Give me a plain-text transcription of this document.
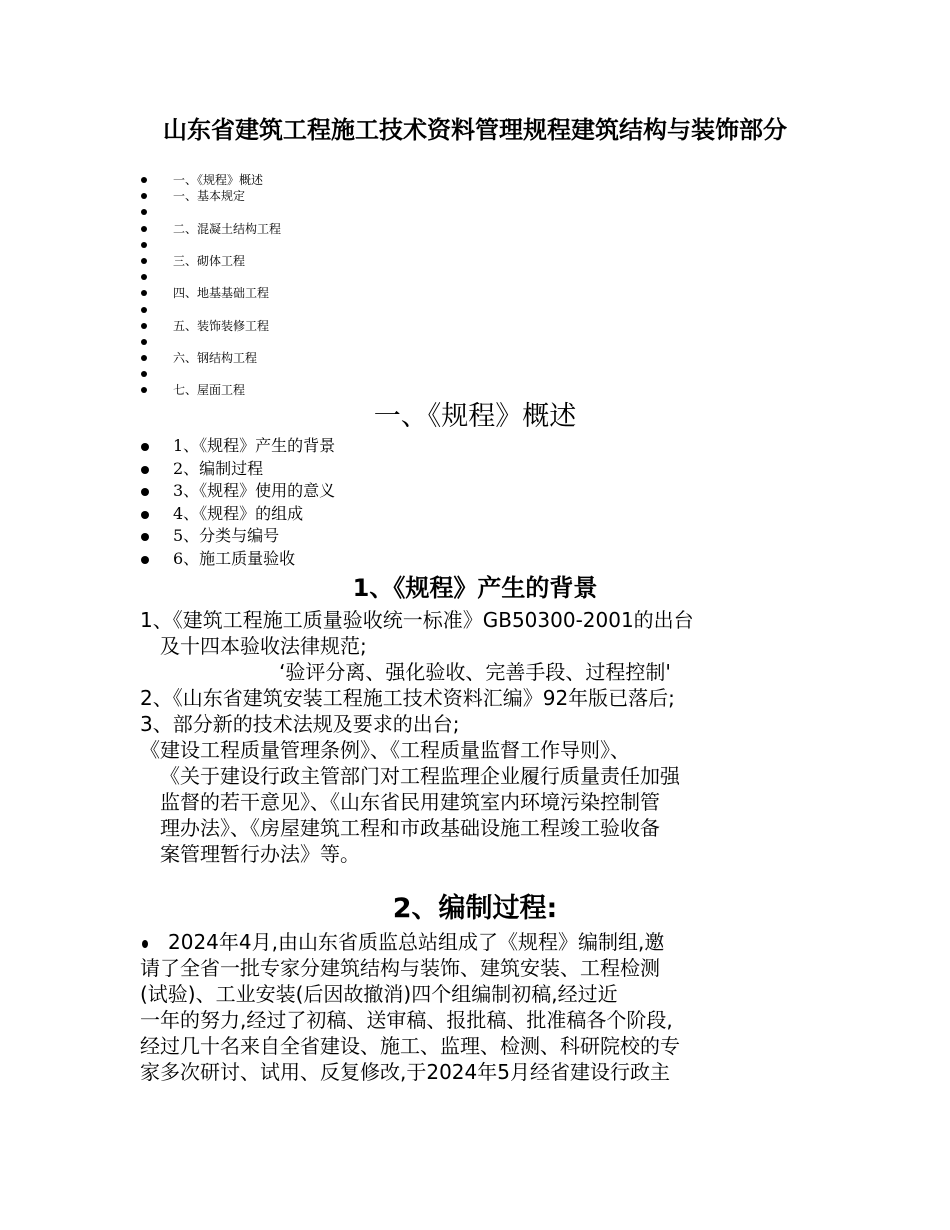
山东省建筑工程施工技术资料管理规程建筑结构与装饰部分
一、《规程》概述
一、基本规定
二、混凝土结构工程
三、砌体工程
四、地基基础工程
五、装饰装修工程
六、钢结构工程
七、屋面工程
一、《规程》概述
1、《规程》产生的背景
2、编制过程
3、《规程》使用的意义
4、《规程》的组成
5、分类与编号
6、施工质量验收
1、《规程》产生的背景

1、《建筑工程施工质量验收统一标准》GB50300-2001的出台

及十四本验收法律规范;

‘验评分离、强化验收、完善手段、过程控制'

2、《山东省建筑安装工程施工技术资料汇编》92年版已落后;

3、部分新的技术法规及要求的出台;

《建设工程质量管理条例》、《工程质量监督工作导则》、

《关于建设行政主管部门对工程监理企业履行质量责任加强

监督的若干意见》、《山东省民用建筑室内环境污染控制管

理办法》、《房屋建筑工程和市政基础设施工程竣工验收备

案管理暂行办法》等。

2、编制过程:

2024年4月,由山东省质监总站组成了《规程》编制组,邀

请了全省一批专家分建筑结构与装饰、建筑安装、工程检测

(试验)、工业安装(后因故撤消)四个组编制初稿,经过近

一年的努力,经过了初稿、送审稿、报批稿、批准稿各个阶段,

经过几十名来自全省建设、施工、监理、检测、科研院校的专

家多次研讨、试用、反复修改,于2024年5月经省建设行政主
